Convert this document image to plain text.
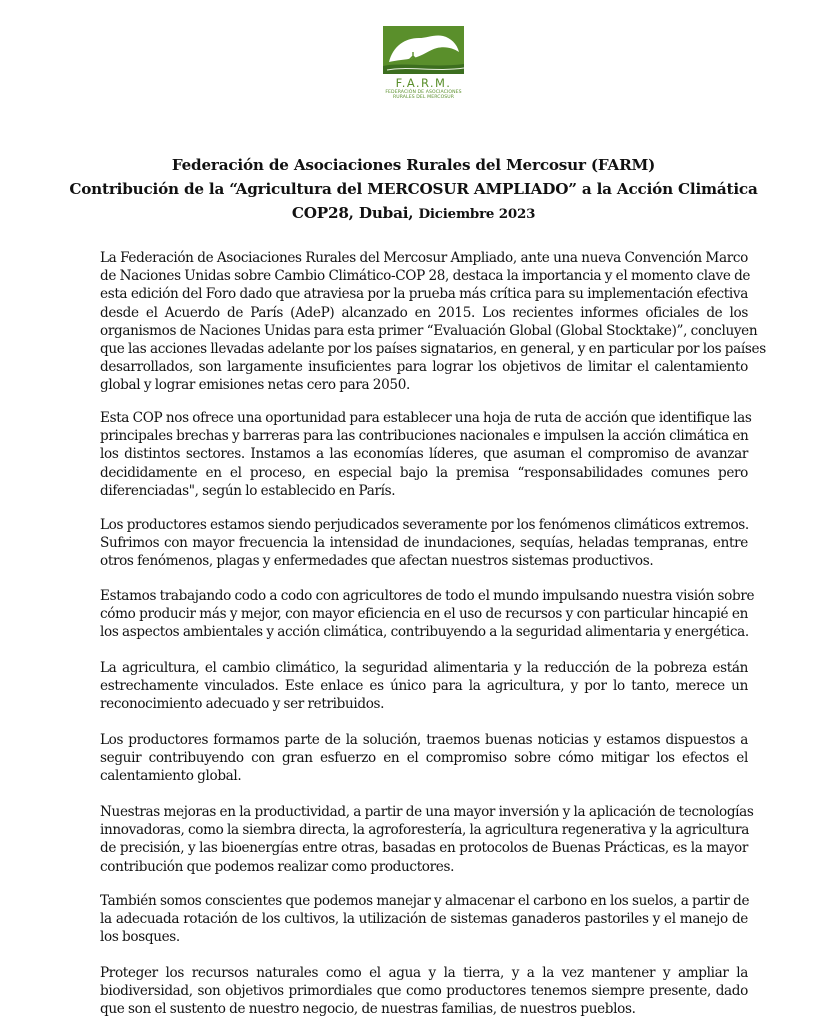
F.A.R.M.
FEDERACIÓN DE ASOCIACIONES
RURALES DEL MERCOSUR
Federación de Asociaciones Rurales del Mercosur (FARM)
Contribución de la “Agricultura del MERCOSUR AMPLIADO” a la Acción Climática
COP28, Dubai, Diciembre 2023
La Federación de Asociaciones Rurales del Mercosur Ampliado, ante una nueva Convención Marco
de Naciones Unidas sobre Cambio Climático-COP 28, destaca la importancia y el momento clave de
esta edición del Foro dado que atraviesa por la prueba más crítica para su implementación efectiva
desde el Acuerdo de París (AdeP) alcanzado en 2015. Los recientes informes oficiales de los
organismos de Naciones Unidas para esta primer “Evaluación Global (Global Stocktake)”, concluyen
que las acciones llevadas adelante por los países signatarios, en general, y en particular por los países
desarrollados, son largamente insuficientes para lograr los objetivos de limitar el calentamiento
global y lograr emisiones netas cero para 2050.
Esta COP nos ofrece una oportunidad para establecer una hoja de ruta de acción que identifique las
principales brechas y barreras para las contribuciones nacionales e impulsen la acción climática en
los distintos sectores. Instamos a las economías líderes, que asuman el compromiso de avanzar
decididamente en el proceso, en especial bajo la premisa “responsabilidades comunes pero
diferenciadas", según lo establecido en París.
Los productores estamos siendo perjudicados severamente por los fenómenos climáticos extremos.
Sufrimos con mayor frecuencia la intensidad de inundaciones, sequías, heladas tempranas, entre
otros fenómenos, plagas y enfermedades que afectan nuestros sistemas productivos.
Estamos trabajando codo a codo con agricultores de todo el mundo impulsando nuestra visión sobre
cómo producir más y mejor, con mayor eficiencia en el uso de recursos y con particular hincapié en
los aspectos ambientales y acción climática, contribuyendo a la seguridad alimentaria y energética.
La agricultura, el cambio climático, la seguridad alimentaria y la reducción de la pobreza están
estrechamente vinculados. Este enlace es único para la agricultura, y por lo tanto, merece un
reconocimiento adecuado y ser retribuidos.
Los productores formamos parte de la solución, traemos buenas noticias y estamos dispuestos a
seguir contribuyendo con gran esfuerzo en el compromiso sobre cómo mitigar los efectos el
calentamiento global.
Nuestras mejoras en la productividad, a partir de una mayor inversión y la aplicación de tecnologías
innovadoras, como la siembra directa, la agroforestería, la agricultura regenerativa y la agricultura
de precisión, y las bioenergías entre otras, basadas en protocolos de Buenas Prácticas, es la mayor
contribución que podemos realizar como productores.
También somos conscientes que podemos manejar y almacenar el carbono en los suelos, a partir de
la adecuada rotación de los cultivos, la utilización de sistemas ganaderos pastoriles y el manejo de
los bosques.
Proteger los recursos naturales como el agua y la tierra, y a la vez mantener y ampliar la
biodiversidad, son objetivos primordiales que como productores tenemos siempre presente, dado
que son el sustento de nuestro negocio, de nuestras familias, de nuestros pueblos.
